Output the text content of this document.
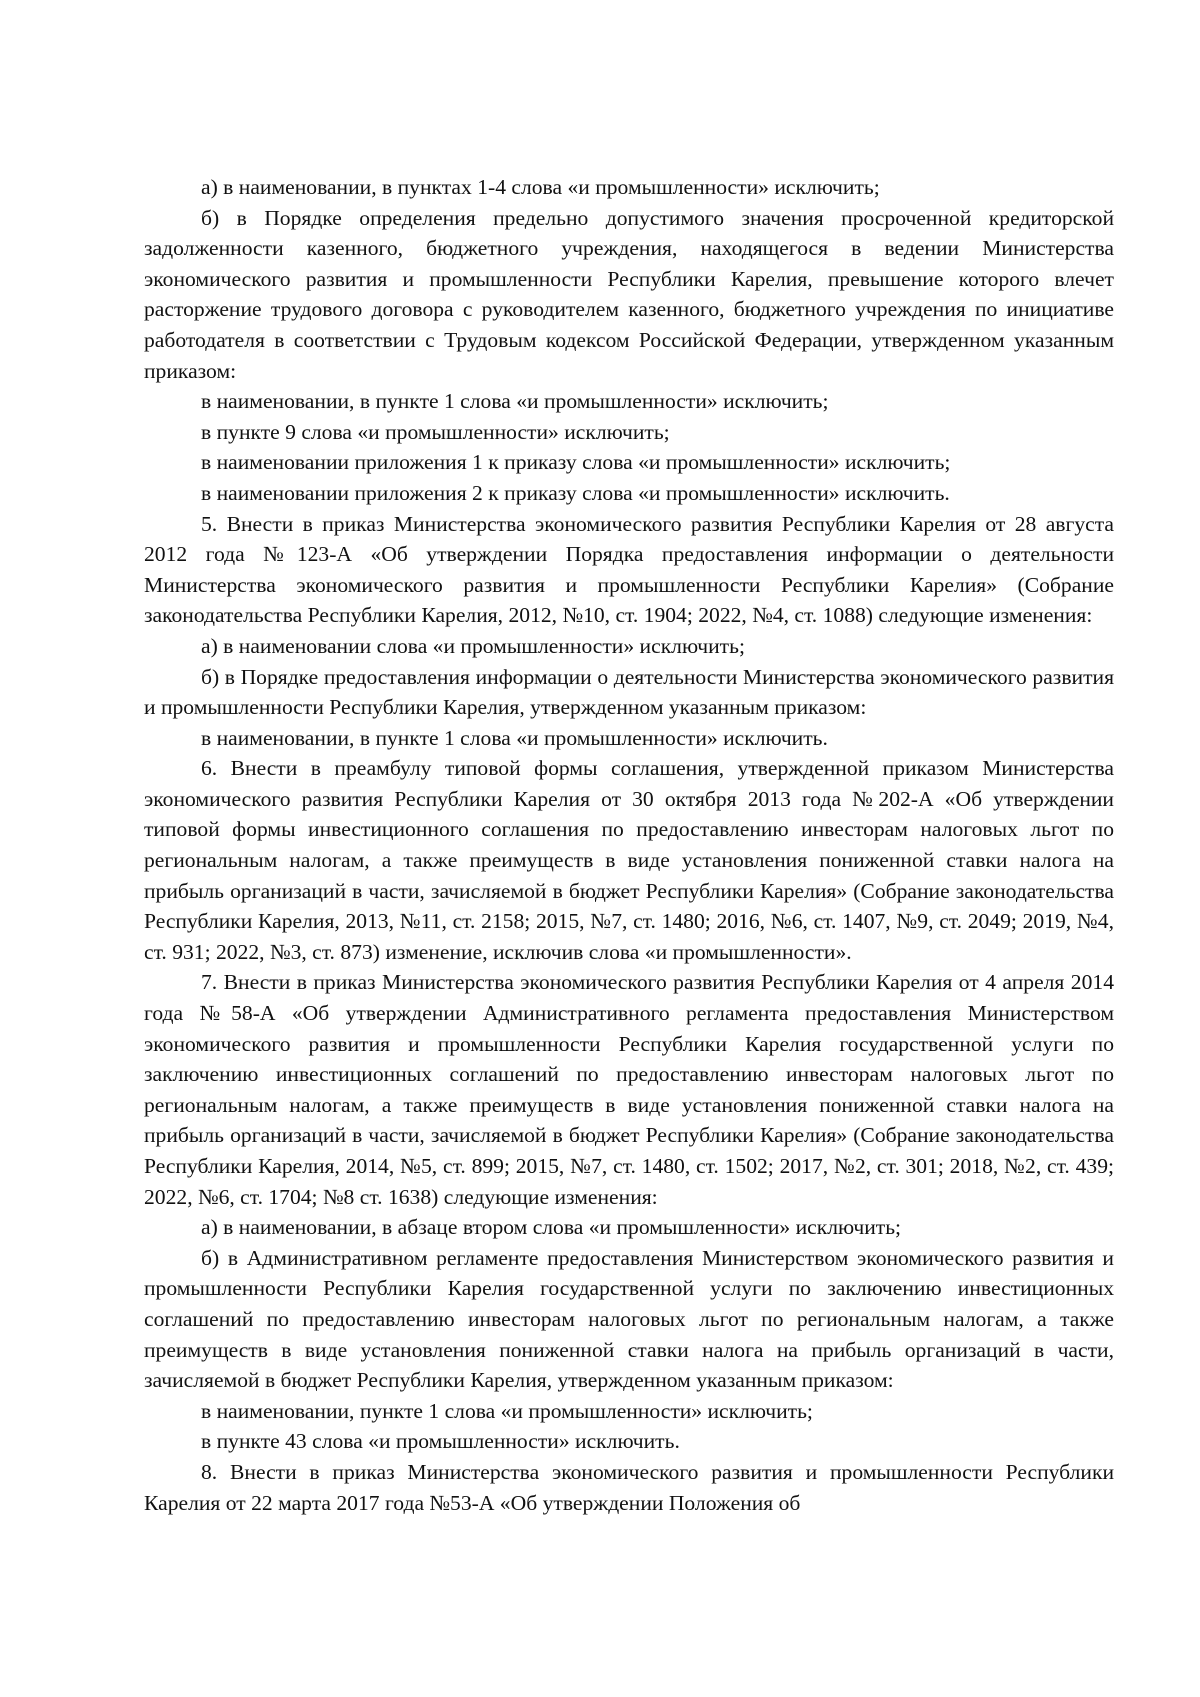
а) в наименовании, в пунктах 1-4 слова «и промышленности» исключить;

б) в Порядке определения предельно допустимого значения просроченной кредиторской задолженности казенного, бюджетного учреждения, находящегося в ведении Министерства экономического развития и промышленности Республики Карелия, превышение которого влечет расторжение трудового договора с руководителем казенного, бюджетного учреждения по инициативе работодателя в соответствии с Трудовым кодексом Российской Федерации, утвержденном указанным приказом:

в наименовании, в пункте 1 слова «и промышленности» исключить;

в пункте 9 слова «и промышленности» исключить;

в наименовании приложения 1 к приказу слова «и промышленности» исключить;

в наименовании приложения 2 к приказу слова «и промышленности» исключить.

5. Внести в приказ Министерства экономического развития Республики Карелия от 28 августа 2012 года №123-А «Об утверждении Порядка предоставления информации о деятельности Министерства экономического развития и промышленности Республики Карелия» (Собрание законодательства Республики Карелия, 2012, №10, ст. 1904; 2022, №4, ст. 1088) следующие изменения:

а) в наименовании слова «и промышленности» исключить;

б) в Порядке предоставления информации о деятельности Министерства экономического развития и промышленности Республики Карелия, утвержденном указанным приказом:

в наименовании, в пункте 1 слова «и промышленности» исключить.

6. Внести в преамбулу типовой формы соглашения, утвержденной приказом Министерства экономического развития Республики Карелия от 30 октября 2013 года №202-А «Об утверждении типовой формы инвестиционного соглашения по предоставлению инвесторам налоговых льгот по региональным налогам, а также преимуществ в виде установления пониженной ставки налога на прибыль организаций в части, зачисляемой в бюджет Республики Карелия» (Собрание законодательства Республики Карелия, 2013, №11, ст. 2158; 2015, №7, ст. 1480; 2016, №6, ст. 1407, №9, ст. 2049; 2019, №4, ст. 931; 2022, №3, ст. 873) изменение, исключив слова «и промышленности».

7. Внести в приказ Министерства экономического развития Республики Карелия от 4 апреля 2014 года №58-А «Об утверждении Административного регламента предоставления Министерством экономического развития и промышленности Республики Карелия государственной услуги по заключению инвестиционных соглашений по предоставлению инвесторам налоговых льгот по региональным налогам, а также преимуществ в виде установления пониженной ставки налога на прибыль организаций в части, зачисляемой в бюджет Республики Карелия» (Собрание законодательства Республики Карелия, 2014, №5, ст. 899; 2015, №7, ст. 1480, ст. 1502; 2017, №2, ст. 301; 2018, №2, ст. 439; 2022, №6, ст. 1704; №8 ст. 1638) следующие изменения:

а) в наименовании, в абзаце втором слова «и промышленности» исключить;

б) в Административном регламенте предоставления Министерством экономического развития и промышленности Республики Карелия государственной услуги по заключению инвестиционных соглашений по предоставлению инвесторам налоговых льгот по региональным налогам, а также преимуществ в виде установления пониженной ставки налога на прибыль организаций в части, зачисляемой в бюджет Республики Карелия, утвержденном указанным приказом:

в наименовании, пункте 1 слова «и промышленности» исключить;

в пункте 43 слова «и промышленности» исключить.

8. Внести в приказ Министерства экономического развития и промышленности Республики Карелия от 22 марта 2017 года №53-А «Об утверждении Положения об
